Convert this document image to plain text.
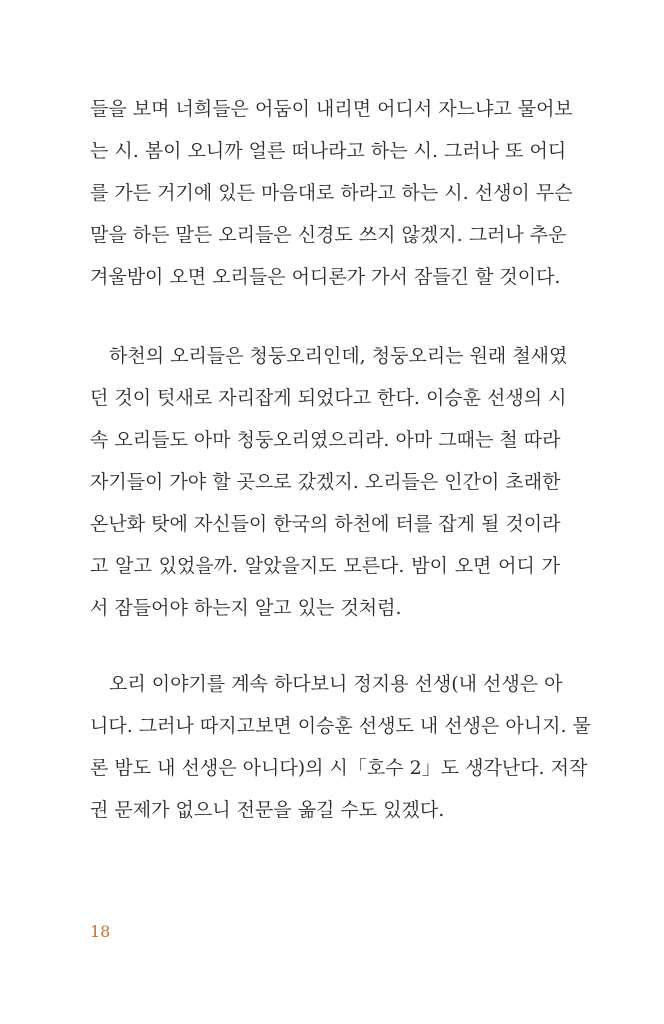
들을 보며 너희들은 어둠이 내리면 어디서 자느냐고 물어보
는 시. 봄이 오니까 얼른 떠나라고 하는 시. 그러나 또 어디
를 가든 거기에 있든 마음대로 하라고 하는 시. 선생이 무슨
말을 하든 말든 오리들은 신경도 쓰지 않겠지. 그러나 추운
겨울밤이 오면 오리들은 어디론가 가서 잠들긴 할 것이다.
하천의 오리들은 청둥오리인데, 청둥오리는 원래 철새였
던 것이 텃새로 자리잡게 되었다고 한다. 이승훈 선생의 시
속 오리들도 아마 청둥오리였으리라. 아마 그때는 철 따라
자기들이 가야 할 곳으로 갔겠지. 오리들은 인간이 초래한
온난화 탓에 자신들이 한국의 하천에 터를 잡게 될 것이라
고 알고 있었을까. 알았을지도 모른다. 밤이 오면 어디 가
서 잠들어야 하는지 알고 있는 것처럼.
오리 이야기를 계속 하다보니 정지용 선생(내 선생은 아
니다. 그러나 따지고보면 이승훈 선생도 내 선생은 아니지. 물
론 밤도 내 선생은 아니다)의 시「호수 2」도 생각난다. 저작
권 문제가 없으니 전문을 옮길 수도 있겠다.
18
